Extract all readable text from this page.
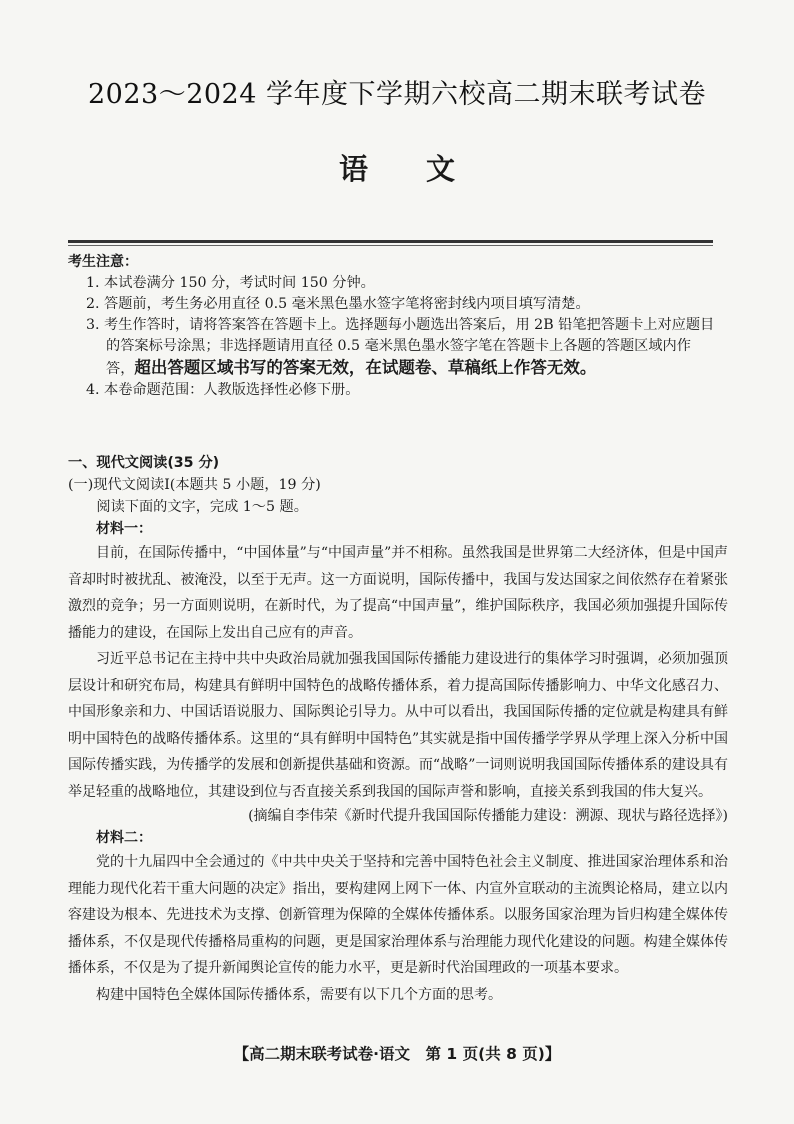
2023～2024 学年度下学期六校高二期末联考试卷
语文
考生注意：
1. 本试卷满分 150 分，考试时间 150 分钟。
2. 答题前，考生务必用直径 0.5 毫米黑色墨水签字笔将密封线内项目填写清楚。
3. 考生作答时，请将答案答在答题卡上。选择题每小题选出答案后，用 2B 铅笔把答题卡上对应题目的答案标号涂黑；非选择题请用直径 0.5 毫米黑色墨水签字笔在答题卡上各题的答题区域内作答，超出答题区域书写的答案无效，在试题卷、草稿纸上作答无效。
4. 本卷命题范围：人教版选择性必修下册。
一、现代文阅读(35 分)
(一)现代文阅读Ⅰ(本题共 5 小题，19 分)
阅读下面的文字，完成 1～5 题。
材料一：
目前，在国际传播中，“中国体量”与“中国声量”并不相称。虽然我国是世界第二大经济体，但是中国声音却时时被扰乱、被淹没，以至于无声。这一方面说明，国际传播中，我国与发达国家之间依然存在着紧张激烈的竞争；另一方面则说明，在新时代，为了提高“中国声量”，维护国际秩序，我国必须加强提升国际传播能力的建设，在国际上发出自己应有的声音。
习近平总书记在主持中共中央政治局就加强我国国际传播能力建设进行的集体学习时强调，必须加强顶层设计和研究布局，构建具有鲜明中国特色的战略传播体系，着力提高国际传播影响力、中华文化感召力、中国形象亲和力、中国话语说服力、国际舆论引导力。从中可以看出，我国国际传播的定位就是构建具有鲜明中国特色的战略传播体系。这里的“具有鲜明中国特色”其实就是指中国传播学学界从学理上深入分析中国国际传播实践，为传播学的发展和创新提供基础和资源。而“战略”一词则说明我国国际传播体系的建设具有举足轻重的战略地位，其建设到位与否直接关系到我国的国际声誉和影响，直接关系到我国的伟大复兴。
(摘编自李伟荣《新时代提升我国国际传播能力建设：溯源、现状与路径选择》)
材料二：
党的十九届四中全会通过的《中共中央关于坚持和完善中国特色社会主义制度、推进国家治理体系和治理能力现代化若干重大问题的决定》指出，要构建网上网下一体、内宣外宣联动的主流舆论格局，建立以内容建设为根本、先进技术为支撑、创新管理为保障的全媒体传播体系。以服务国家治理为旨归构建全媒体传播体系，不仅是现代传播格局重构的问题，更是国家治理体系与治理能力现代化建设的问题。构建全媒体传播体系，不仅是为了提升新闻舆论宣传的能力水平，更是新时代治国理政的一项基本要求。
构建中国特色全媒体国际传播体系，需要有以下几个方面的思考。
【高二期末联考试卷·语文　第 1 页(共 8 页)】
